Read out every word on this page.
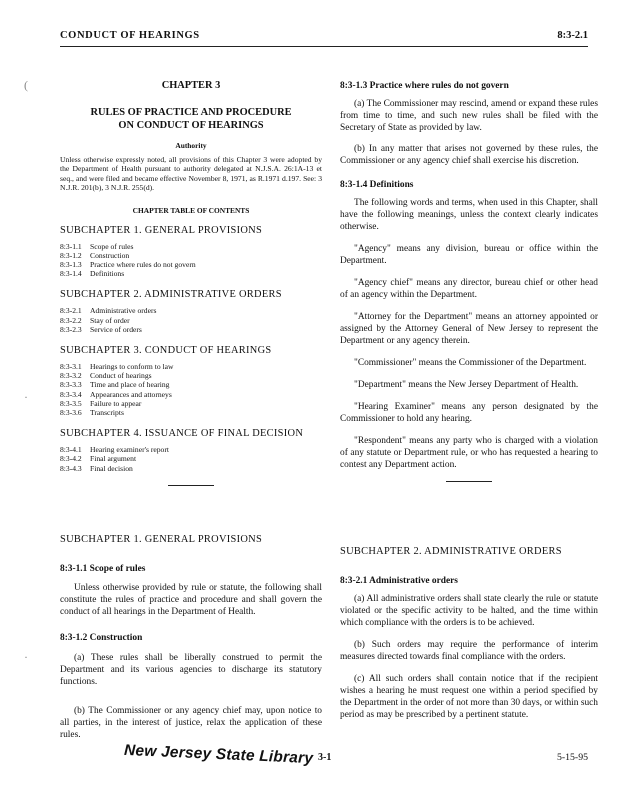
CONDUCT OF HEARINGS	8:3-2.1
(
·
·
CHAPTER 3
RULES OF PRACTICE AND PROCEDURE
ON CONDUCT OF HEARINGS
Authority

Unless otherwise expressly noted, all provisions of this Chapter 3 were adopted by the Department of Health pursuant to authority delegated at N.J.S.A. 26:1A-13 et seq., and were filed and became effective November 8, 1971, as R.1971 d.197. See: 3 N.J.R. 201(b), 3 N.J.R. 255(d).

CHAPTER TABLE OF CONTENTS
SUBCHAPTER 1. GENERAL PROVISIONS
8:3-1.1	Scope of rules
8:3-1.2	Construction
8:3-1.3	Practice where rules do not govern
8:3-1.4	Definitions
SUBCHAPTER 2. ADMINISTRATIVE ORDERS
8:3-2.1	Administrative orders
8:3-2.2	Stay of order
8:3-2.3	Service of orders
SUBCHAPTER 3. CONDUCT OF HEARINGS
8:3-3.1	Hearings to conform to law
8:3-3.2	Conduct of hearings
8:3-3.3	Time and place of hearing
8:3-3.4	Appearances and attorneys
8:3-3.5	Failure to appear
8:3-3.6	Transcripts
SUBCHAPTER 4. ISSUANCE OF FINAL DECISION
8:3-4.1	Hearing examiner's report
8:3-4.2	Final argument
8:3-4.3	Final decision
SUBCHAPTER 1. GENERAL PROVISIONS
8:3-1.1 Scope of rules

Unless otherwise provided by rule or statute, the following shall constitute the rules of practice and procedure and shall govern the conduct of all hearings in the Department of Health.

8:3-1.2 Construction

(a) These rules shall be liberally construed to permit the Department and its various agencies to discharge its statutory functions.

(b) The Commissioner or any agency chief may, upon notice to all parties, in the interest of justice, relax the application of these rules.

8:3-1.3 Practice where rules do not govern

(a) The Commissioner may rescind, amend or expand these rules from time to time, and such new rules shall be filed with the Secretary of State as provided by law.

(b) In any matter that arises not governed by these rules, the Commissioner or any agency chief shall exercise his discretion.

8:3-1.4 Definitions

The following words and terms, when used in this Chapter, shall have the following meanings, unless the context clearly indicates otherwise.

"Agency" means any division, bureau or office within the Department.

"Agency chief" means any director, bureau chief or other head of an agency within the Department.

"Attorney for the Department" means an attorney appointed or assigned by the Attorney General of New Jersey to represent the Department or any agency therein.

"Commissioner" means the Commissioner of the Department.

"Department" means the New Jersey Department of Health.

"Hearing Examiner" means any person designated by the Commissioner to hold any hearing.

"Respondent" means any party who is charged with a violation of any statute or Department rule, or who has requested a hearing to contest any Department action.

SUBCHAPTER 2. ADMINISTRATIVE ORDERS
8:3-2.1 Administrative orders

(a) All administrative orders shall state clearly the rule or statute violated or the specific activity to be halted, and the time within which compliance with the orders is to be achieved.

(b) Such orders may require the performance of interim measures directed towards final compliance with the orders.

(c) All such orders shall contain notice that if the recipient wishes a hearing he must request one within a period specified by the Department in the order of not more than 30 days, or within such period as may be prescribed by a pertinent statute.

New Jersey State Library 3-1	5-15-95
